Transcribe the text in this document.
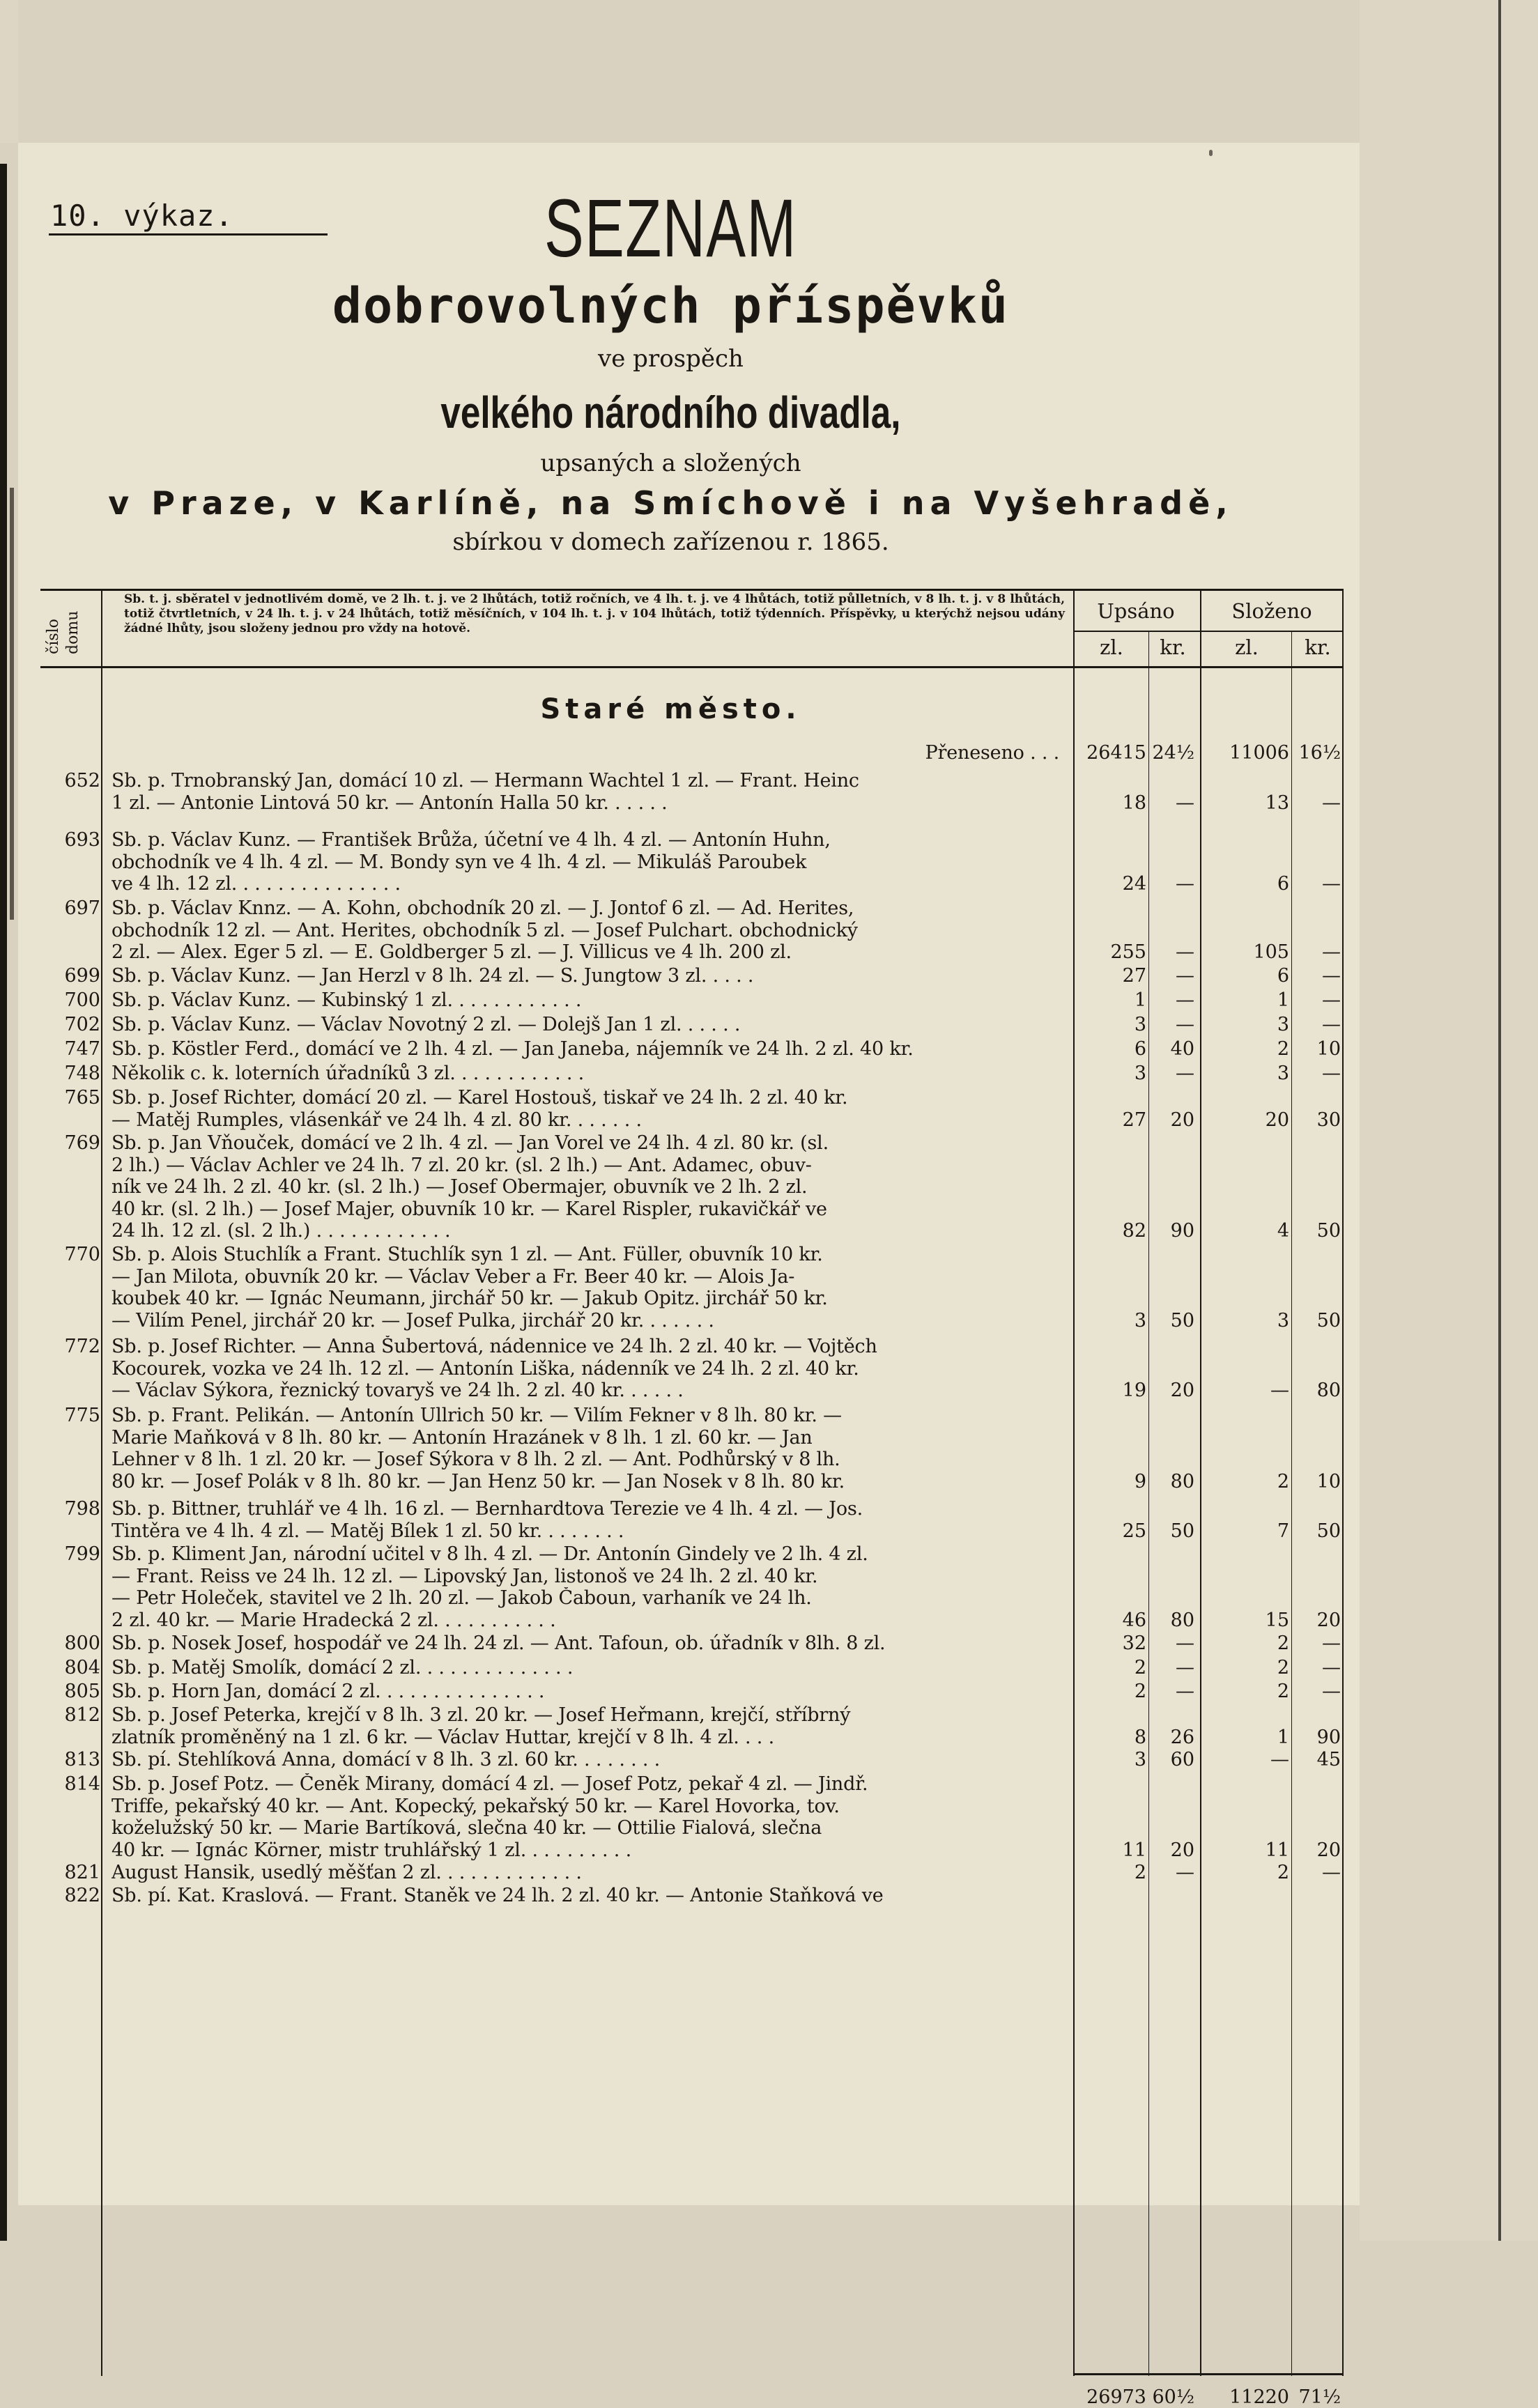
10. výkaz.	SEZNAM
dobrovolných příspěvků
ve prospěch
velkého národního divadla,
upsaných a složených
v Praze, v Karlíně, na Smíchově i na Vyšehradě,
sbírkou v domech zařízenou r. 1865.
číslo domu
Sb. t. j. sběratel v jednotlivém domě, ve 2 lh. t. j. ve 2 lhůtách, totiž ročních, ve 4 lh. t. j. ve 4 lhůtách, totiž půlletních, v 8 lh. t. j. v 8 lhůtách, totiž čtvrtletních, v 24 lh. t. j. v 24 lhůtách, totiž měsíčních, v 104 lh. t. j. v 104 lhůtách, totiž týdenních. Příspěvky, u kterýchž nejsou udány žádné lhůty, jsou složeny jednou pro vždy na hotově.
Upsáno	Složeno
zl.	kr.	zl.	kr.
Staré město.
Přeneseno . . .	26415 24½	11006 16½
652 Sb. p. Trnobranský Jan, domácí 10 zl. — Hermann Wachtel 1 zl. — Frant. Heinc
1 zl. — Antonie Lintová 50 kr. — Antonín Halla 50 kr. . . . . .	18	—	13	—
693 Sb. p. Václav Kunz. — František Brůža, účetní ve 4 lh. 4 zl. — Antonín Huhn,
obchodník ve 4 lh. 4 zl. — M. Bondy syn ve 4 lh. 4 zl. — Mikuláš Paroubek
ve 4 lh. 12 zl. . . . . . . . . . . . . . .	24	—	6	—
697 Sb. p. Václav Knnz. — A. Kohn, obchodník 20 zl. — J. Jontof 6 zl. — Ad. Herites,
obchodník 12 zl. — Ant. Herites, obchodník 5 zl. — Josef Pulchart. obchodnický
2 zl. — Alex. Eger 5 zl. — E. Goldberger 5 zl. — J. Villicus ve 4 lh. 200 zl.	255	—	105	—
699 Sb. p. Václav Kunz. — Jan Herzl v 8 lh. 24 zl. — S. Jungtow 3 zl. . . . .	27	—	6	—
700 Sb. p. Václav Kunz. — Kubinský 1 zl. . . . . . . . . . . .	1	—	1	—
702 Sb. p. Václav Kunz. — Václav Novotný 2 zl. — Dolejš Jan 1 zl. . . . . .	3	—	3	—
747 Sb. p. Köstler Ferd., domácí ve 2 lh. 4 zl. — Jan Janeba, nájemník ve 24 lh. 2 zl. 40 kr.	6	40	2	10
748 Několik c. k. loterních úřadníků 3 zl. . . . . . . . . . . .	3	—	3	—
765 Sb. p. Josef Richter, domácí 20 zl. — Karel Hostouš, tiskař ve 24 lh. 2 zl. 40 kr.
— Matěj Rumples, vlásenkář ve 24 lh. 4 zl. 80 kr. . . . . . .	27	20	20	30
769 Sb. p. Jan Vňouček, domácí ve 2 lh. 4 zl. — Jan Vorel ve 24 lh. 4 zl. 80 kr. (sl.
2 lh.) — Václav Achler ve 24 lh. 7 zl. 20 kr. (sl. 2 lh.) — Ant. Adamec, obuv-
ník ve 24 lh. 2 zl. 40 kr. (sl. 2 lh.) — Josef Obermajer, obuvník ve 2 lh. 2 zl.
40 kr. (sl. 2 lh.) — Josef Majer, obuvník 10 kr. — Karel Rispler, rukavičkář ve
24 lh. 12 zl. (sl. 2 lh.) . . . . . . . . . . . .	82	90	4	50
770 Sb. p. Alois Stuchlík a Frant. Stuchlík syn 1 zl. — Ant. Füller, obuvník 10 kr.
— Jan Milota, obuvník 20 kr. — Václav Veber a Fr. Beer 40 kr. — Alois Ja-
koubek 40 kr. — Ignác Neumann, jirchář 50 kr. — Jakub Opitz. jirchář 50 kr.
— Vilím Penel, jirchář 20 kr. — Josef Pulka, jirchář 20 kr. . . . . . .	3	50	3	50
772 Sb. p. Josef Richter. — Anna Šubertová, nádennice ve 24 lh. 2 zl. 40 kr. — Vojtěch
Kocourek, vozka ve 24 lh. 12 zl. — Antonín Liška, nádenník ve 24 lh. 2 zl. 40 kr.
— Václav Sýkora, řeznický tovaryš ve 24 lh. 2 zl. 40 kr. . . . . .	19	20	—	80
775 Sb. p. Frant. Pelikán. — Antonín Ullrich 50 kr. — Vilím Fekner v 8 lh. 80 kr. —
Marie Maňková v 8 lh. 80 kr. — Antonín Hrazánek v 8 lh. 1 zl. 60 kr. — Jan
Lehner v 8 lh. 1 zl. 20 kr. — Josef Sýkora v 8 lh. 2 zl. — Ant. Podhůrský v 8 lh.
80 kr. — Josef Polák v 8 lh. 80 kr. — Jan Henz 50 kr. — Jan Nosek v 8 lh. 80 kr.	9	80	2	10
798 Sb. p. Bittner, truhlář ve 4 lh. 16 zl. — Bernhardtova Terezie ve 4 lh. 4 zl. — Jos.
Tintěra ve 4 lh. 4 zl. — Matěj Bílek 1 zl. 50 kr. . . . . . . .	25	50	7	50
799 Sb. p. Kliment Jan, národní učitel v 8 lh. 4 zl. — Dr. Antonín Gindely ve 2 lh. 4 zl.
— Frant. Reiss ve 24 lh. 12 zl. — Lipovský Jan, listonoš ve 24 lh. 2 zl. 40 kr.
— Petr Holeček, stavitel ve 2 lh. 20 zl. — Jakob Čaboun, varhaník ve 24 lh.
2 zl. 40 kr. — Marie Hradecká 2 zl. . . . . . . . . . .	46	80	15	20
800 Sb. p. Nosek Josef, hospodář ve 24 lh. 24 zl. — Ant. Tafoun, ob. úřadník v 8lh. 8 zl.	32	—	2	—
804 Sb. p. Matěj Smolík, domácí 2 zl. . . . . . . . . . . . . .	2	—	2	—
805 Sb. p. Horn Jan, domácí 2 zl. . . . . . . . . . . . . . .	2	—	2	—
812 Sb. p. Josef Peterka, krejčí v 8 lh. 3 zl. 20 kr. — Josef Heřmann, krejčí, stříbrný
zlatník proměněný na 1 zl. 6 kr. — Václav Huttar, krejčí v 8 lh. 4 zl. . . .	8	26	1	90
813 Sb. pí. Stehlíková Anna, domácí v 8 lh. 3 zl. 60 kr. . . . . . . .	3	60	—	45
814 Sb. p. Josef Potz. — Čeněk Mirany, domácí 4 zl. — Josef Potz, pekař 4 zl. — Jindř.
Triffe, pekařský 40 kr. — Ant. Kopecký, pekařský 50 kr. — Karel Hovorka, tov.
koželužský 50 kr. — Marie Bartíková, slečna 40 kr. — Ottilie Fialová, slečna
40 kr. — Ignác Körner, mistr truhlářský 1 zl. . . . . . . . . .	11	20	11	20
821 August Hansik, usedlý měšťan 2 zl. . . . . . . . . . . . .	2	—	2	—
822 Sb. pí. Kat. Kraslová. — Frant. Staněk ve 24 lh. 2 zl. 40 kr. — Antonie Staňková ve
26973 60½	11220 71½
